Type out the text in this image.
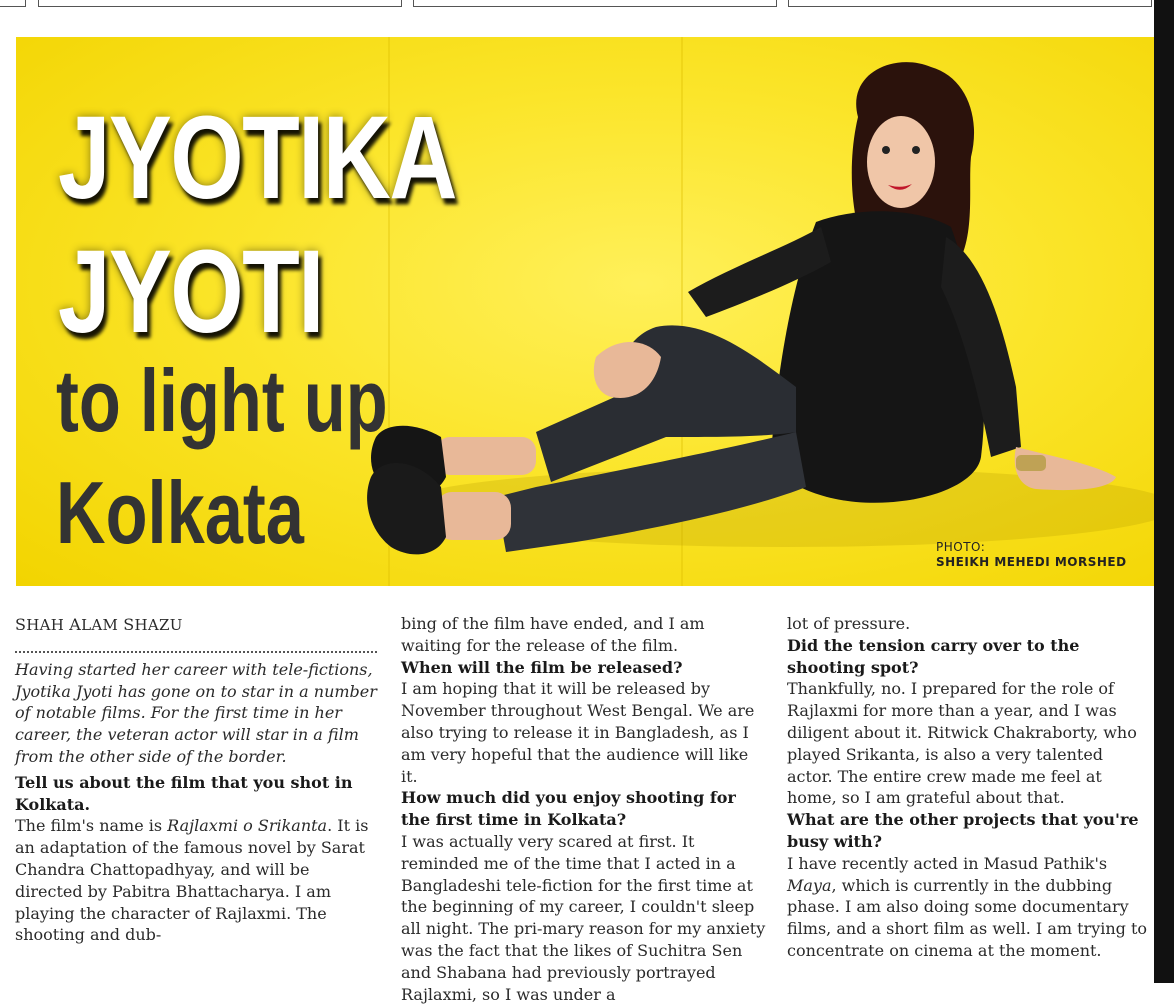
JYOTIKA
JYOTI
to light up
Kolkata	PHOTO:
SHEIKH MEHEDI MORSHED

SHAH ALAM SHAZU

Having started her career with tele-fictions, Jyotika Jyoti has gone on to star in a number of notable films. For the first time in her career, the veteran actor will star in a film from the other side of the border.

Tell us about the film that you shot in Kolkata.

The film's name is Rajlaxmi o Srikanta. It is an adaptation of the famous novel by Sarat Chandra Chattopadhyay, and will be directed by Pabitra Bhattacharya. I am playing the character of Rajlaxmi. The shooting and dub-

bing of the film have ended, and I am waiting for the release of the film.

When will the film be released?

I am hoping that it will be released by November throughout West Bengal. We are also trying to release it in Bangladesh, as I am very hopeful that the audience will like it.

How much did you enjoy shooting for the first time in Kolkata?

I was actually very scared at first. It reminded me of the time that I acted in a Bangladeshi tele-fiction for the first time at the beginning of my career, I couldn't sleep all night. The pri-mary reason for my anxiety was the fact that the likes of Suchitra Sen and Shabana had previously portrayed Rajlaxmi, so I was under a

lot of pressure.

Did the tension carry over to the shooting spot?

Thankfully, no. I prepared for the role of Rajlaxmi for more than a year, and I was diligent about it. Ritwick Chakraborty, who played Srikanta, is also a very talented actor. The entire crew made me feel at home, so I am grateful about that.

What are the other projects that you're busy with?

I have recently acted in Masud Pathik's Maya, which is currently in the dubbing phase. I am also doing some documentary films, and a short film as well. I am trying to concentrate on cinema at the moment.
